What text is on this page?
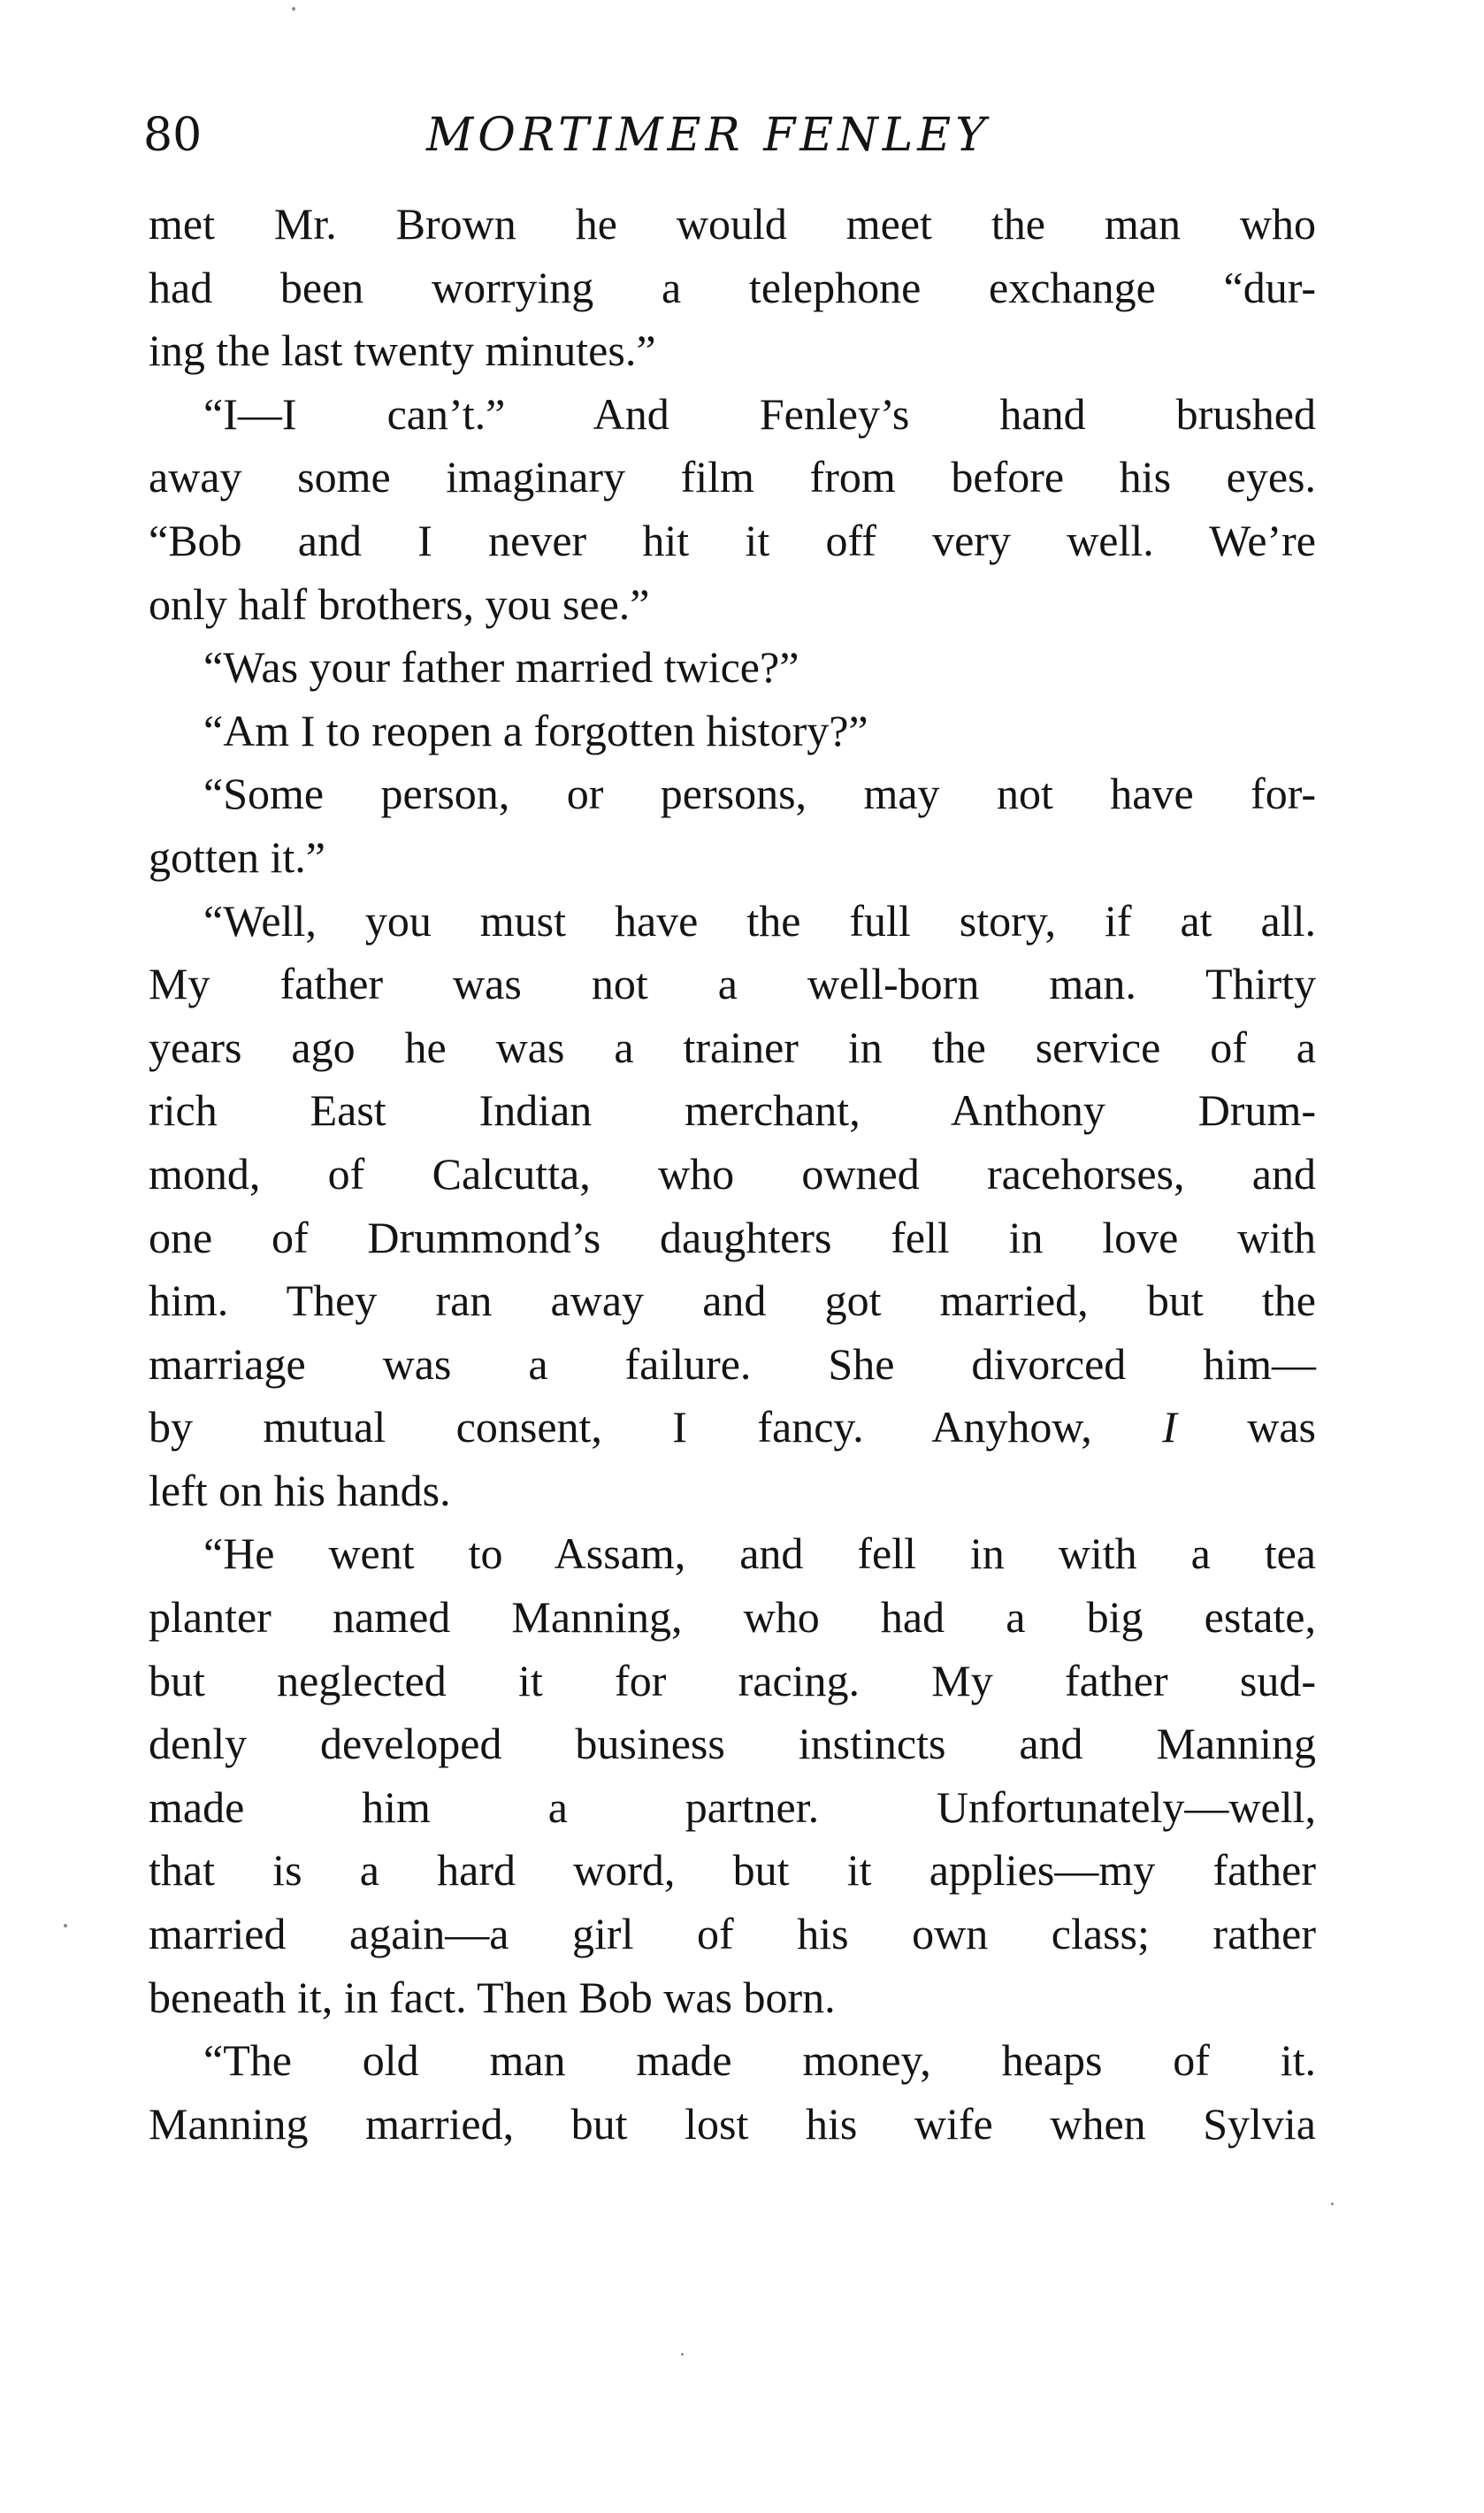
80	MORTIMER FENLEY
met Mr. Brown he would meet the man who
had been worrying a telephone exchange “dur-
ing the last twenty minutes.”
“I—I can’t.” And Fenley’s hand brushed
away some imaginary film from before his eyes.
“Bob and I never hit it off very well. We’re
only half brothers, you see.”
“Was your father married twice?”
“Am I to reopen a forgotten history?”
“Some person, or persons, may not have for-
gotten it.”
“Well, you must have the full story, if at all.
My father was not a well-born man. Thirty
years ago he was a trainer in the service of a
rich East Indian merchant, Anthony Drum-
mond, of Calcutta, who owned racehorses, and
one of Drummond’s daughters fell in love with
him. They ran away and got married, but the
marriage was a failure. She divorced him—
by mutual consent, I fancy. Anyhow, I was
left on his hands.
“He went to Assam, and fell in with a tea
planter named Manning, who had a big estate,
but neglected it for racing. My father sud-
denly developed business instincts and Manning
made him a partner. Unfortunately—well,
that is a hard word, but it applies—my father
married again—a girl of his own class; rather
beneath it, in fact. Then Bob was born.
“The old man made money, heaps of it.
Manning married, but lost his wife when Sylvia
